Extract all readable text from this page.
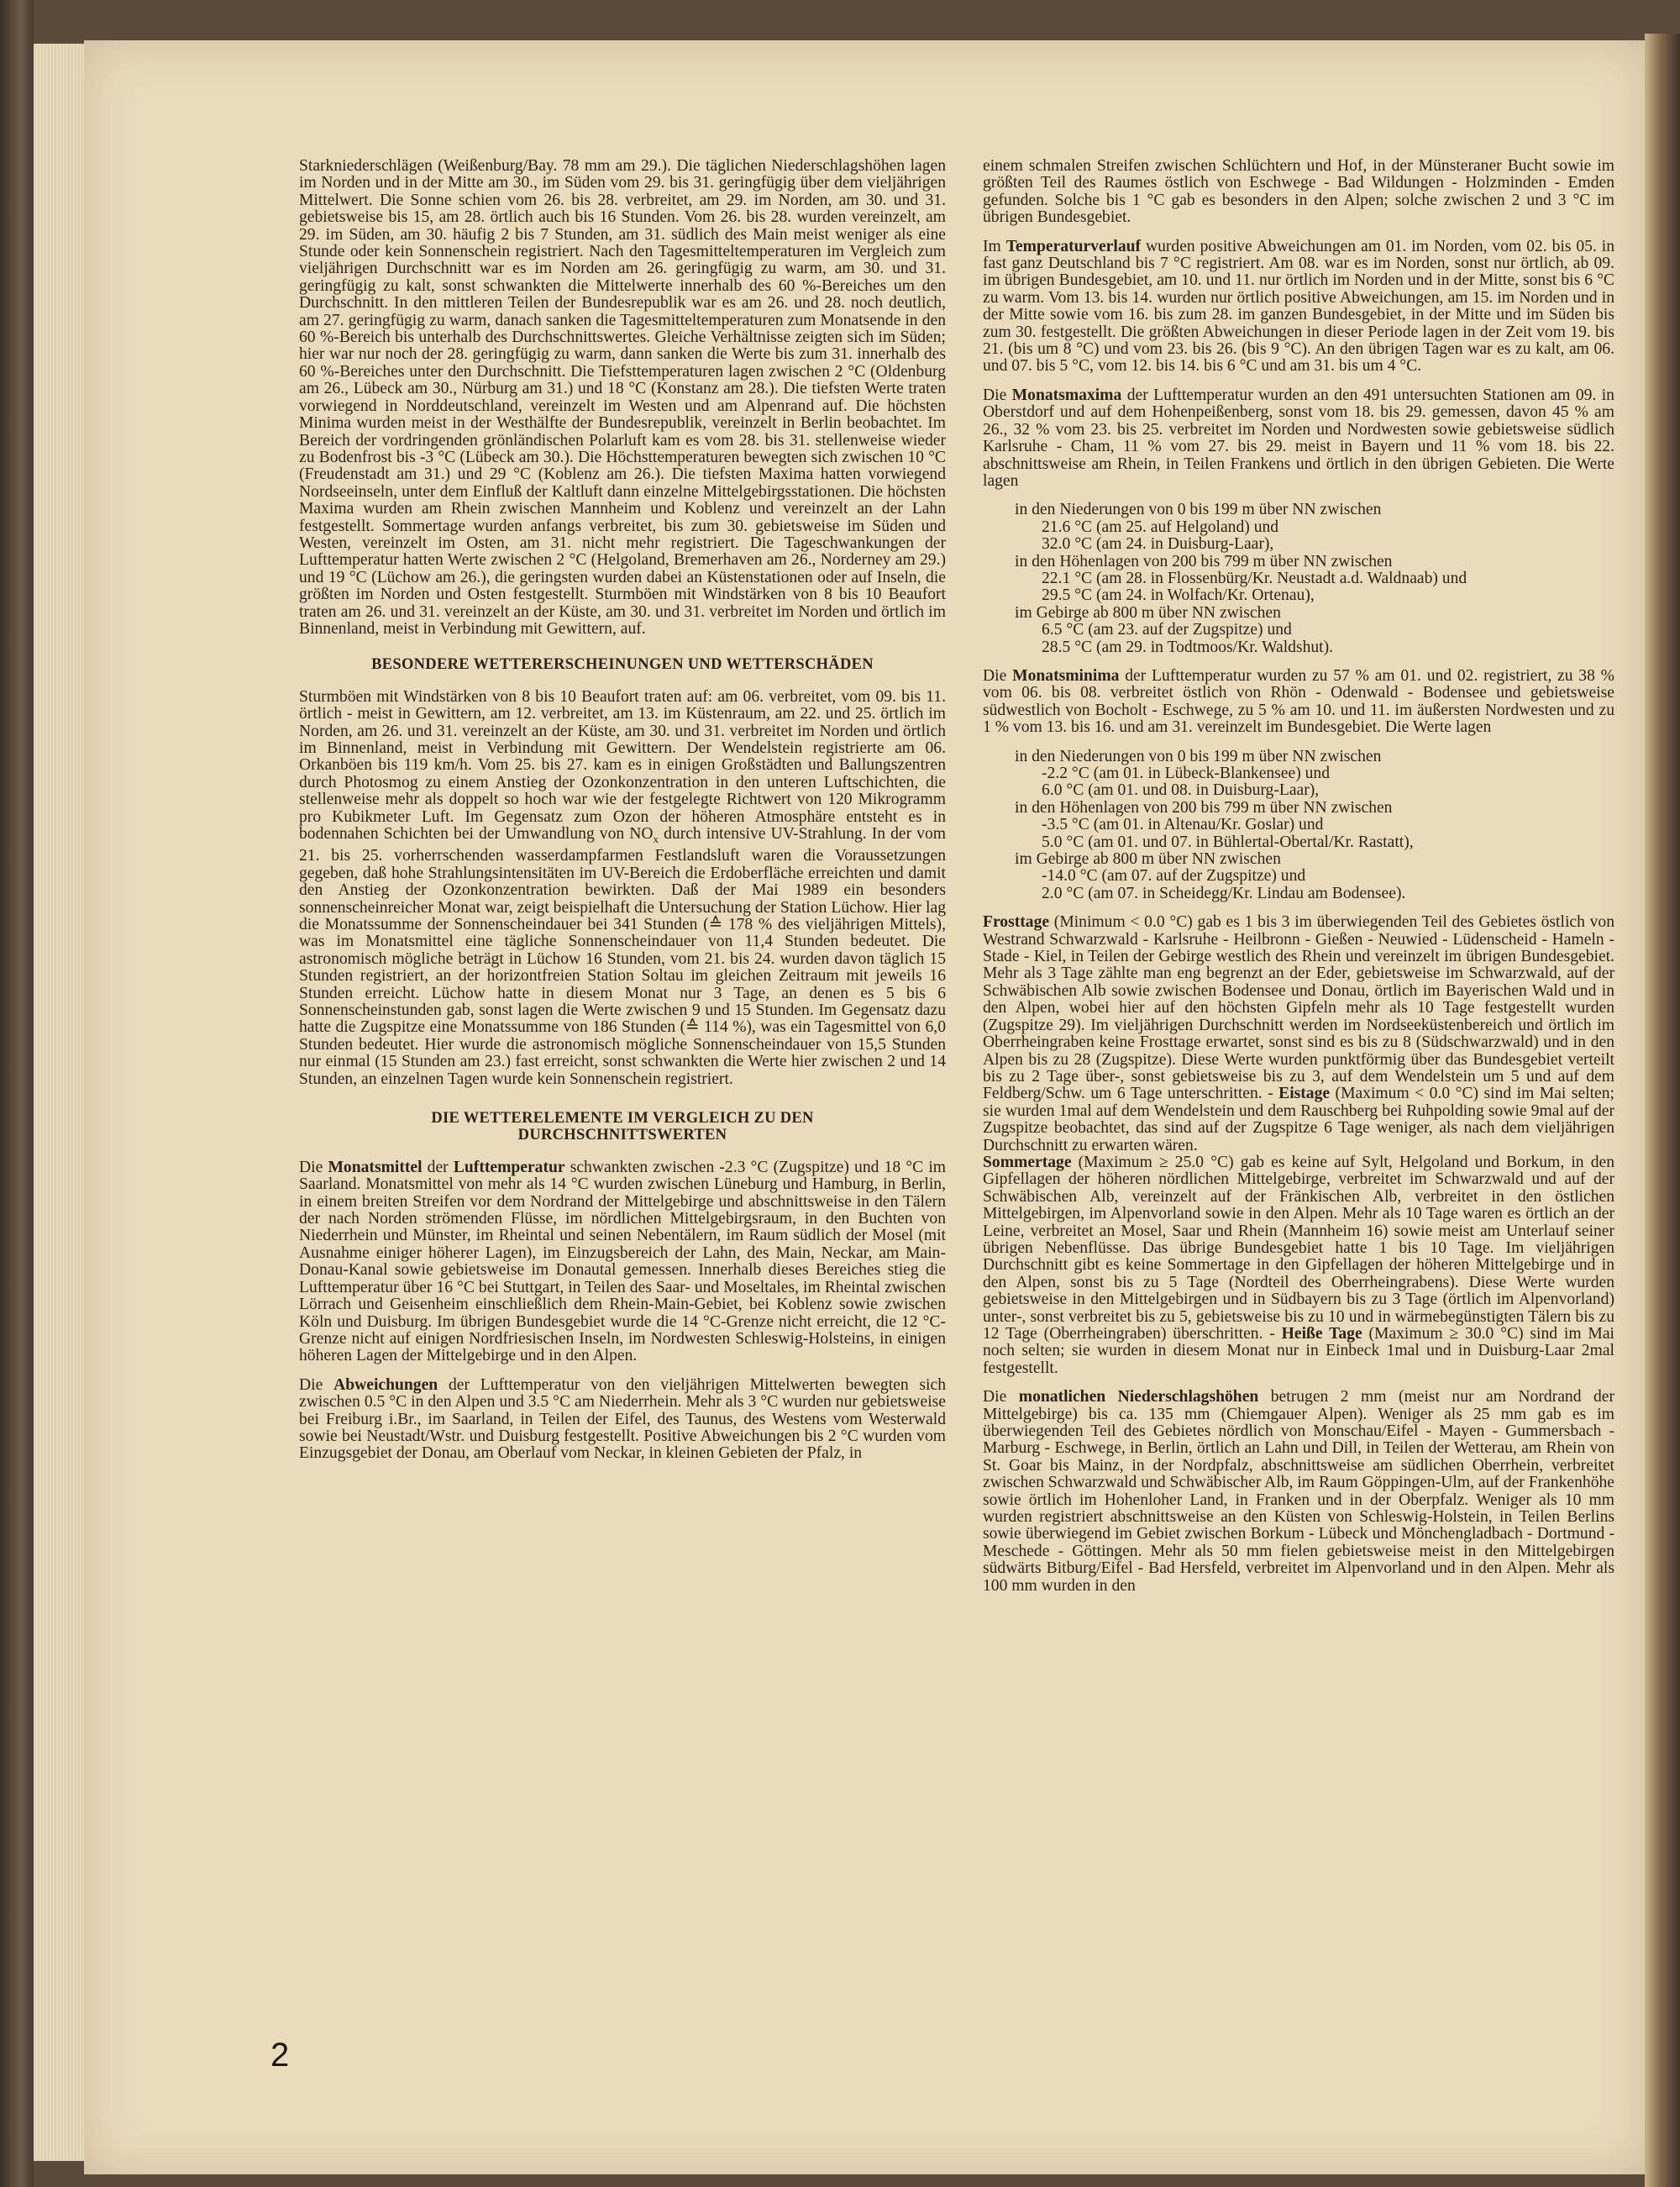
Starkniederschlägen (Weißenburg/Bay. 78 mm am 29.). Die täglichen Niederschlagshöhen lagen im Norden und in der Mitte am 30., im Süden vom 29. bis 31. geringfügig über dem vieljährigen Mittelwert. Die Sonne schien vom 26. bis 28. verbreitet, am 29. im Norden, am 30. und 31. gebietsweise bis 15, am 28. örtlich auch bis 16 Stunden. Vom 26. bis 28. wurden vereinzelt, am 29. im Süden, am 30. häufig 2 bis 7 Stunden, am 31. südlich des Main meist weniger als eine Stunde oder kein Sonnenschein registriert. Nach den Tagesmitteltemperaturen im Vergleich zum vieljährigen Durchschnitt war es im Norden am 26. geringfügig zu warm, am 30. und 31. geringfügig zu kalt, sonst schwankten die Mittelwerte innerhalb des 60 %-Bereiches um den Durchschnitt. In den mittleren Teilen der Bundesrepublik war es am 26. und 28. noch deutlich, am 27. geringfügig zu warm, danach sanken die Tagesmitteltemperaturen zum Monatsende in den 60 %-Bereich bis unterhalb des Durchschnittswertes. Gleiche Verhältnisse zeigten sich im Süden; hier war nur noch der 28. geringfügig zu warm, dann sanken die Werte bis zum 31. innerhalb des 60 %-Bereiches unter den Durchschnitt. Die Tiefsttemperaturen lagen zwischen 2 °C (Oldenburg am 26., Lübeck am 30., Nürburg am 31.) und 18 °C (Konstanz am 28.). Die tiefsten Werte traten vorwiegend in Norddeutschland, vereinzelt im Westen und am Alpenrand auf. Die höchsten Minima wurden meist in der Westhälfte der Bundesrepublik, vereinzelt in Berlin beobachtet. Im Bereich der vordringenden grönländischen Polarluft kam es vom 28. bis 31. stellenweise wieder zu Bodenfrost bis -3 °C (Lübeck am 30.). Die Höchsttemperaturen bewegten sich zwischen 10 °C (Freudenstadt am 31.) und 29 °C (Koblenz am 26.). Die tiefsten Maxima hatten vorwiegend Nordseeinseln, unter dem Einfluß der Kaltluft dann einzelne Mittelgebirgsstationen. Die höchsten Maxima wurden am Rhein zwischen Mannheim und Koblenz und vereinzelt an der Lahn festgestellt. Sommertage wurden anfangs verbreitet, bis zum 30. gebietsweise im Süden und Westen, vereinzelt im Osten, am 31. nicht mehr registriert. Die Tageschwankungen der Lufttemperatur hatten Werte zwischen 2 °C (Helgoland, Bremerhaven am 26., Norderney am 29.) und 19 °C (Lüchow am 26.), die geringsten wurden dabei an Küstenstationen oder auf Inseln, die größten im Norden und Osten festgestellt. Sturmböen mit Windstärken von 8 bis 10 Beaufort traten am 26. und 31. vereinzelt an der Küste, am 30. und 31. verbreitet im Norden und örtlich im Binnenland, meist in Verbindung mit Gewittern, auf.

BESONDERE WETTERERSCHEINUNGEN UND WETTERSCHÄDEN

Sturmböen mit Windstärken von 8 bis 10 Beaufort traten auf: am 06. verbreitet, vom 09. bis 11. örtlich - meist in Gewittern, am 12. verbreitet, am 13. im Küstenraum, am 22. und 25. örtlich im Norden, am 26. und 31. vereinzelt an der Küste, am 30. und 31. verbreitet im Norden und örtlich im Binnenland, meist in Verbindung mit Gewittern. Der Wendelstein registrierte am 06. Orkanböen bis 119 km/h. Vom 25. bis 27. kam es in einigen Großstädten und Ballungszentren durch Photosmog zu einem Anstieg der Ozonkonzentration in den unteren Luftschichten, die stellenweise mehr als doppelt so hoch war wie der festgelegte Richtwert von 120 Mikrogramm pro Kubikmeter Luft. Im Gegensatz zum Ozon der höheren Atmosphäre entsteht es in bodennahen Schichten bei der Umwandlung von $NO_x$ durch intensive UV-Strahlung. In der vom 21. bis 25. vorherrschenden wasserdampfarmen Festlandsluft waren die Voraussetzungen gegeben, daß hohe Strahlungsintensitäten im UV-Bereich die Erdoberfläche erreichten und damit den Anstieg der Ozonkonzentration bewirkten. Daß der Mai 1989 ein besonders sonnenscheinreicher Monat war, zeigt beispielhaft die Untersuchung der Station Lüchow. Hier lag die Monatssumme der Sonnenscheindauer bei 341 Stunden (≙ 178 % des vieljährigen Mittels), was im Monatsmittel eine tägliche Sonnenscheindauer von 11,4 Stunden bedeutet. Die astronomisch mögliche beträgt in Lüchow 16 Stunden, vom 21. bis 24. wurden davon täglich 15 Stunden registriert, an der horizontfreien Station Soltau im gleichen Zeitraum mit jeweils 16 Stunden erreicht. Lüchow hatte in diesem Monat nur 3 Tage, an denen es 5 bis 6 Sonnenscheinstunden gab, sonst lagen die Werte zwischen 9 und 15 Stunden. Im Gegensatz dazu hatte die Zugspitze eine Monatssumme von 186 Stunden (≙ 114 %), was ein Tagesmittel von 6,0 Stunden bedeutet. Hier wurde die astronomisch mögliche Sonnenscheindauer von 15,5 Stunden nur einmal (15 Stunden am 23.) fast erreicht, sonst schwankten die Werte hier zwischen 2 und 14 Stunden, an einzelnen Tagen wurde kein Sonnenschein registriert.

DIE WETTERELEMENTE IM VERGLEICH ZU DEN
DURCHSCHNITTSWERTEN

Die Monatsmittel der Lufttemperatur schwankten zwischen -2.3 °C (Zugspitze) und 18 °C im Saarland. Monatsmittel von mehr als 14 °C wurden zwischen Lüneburg und Hamburg, in Berlin, in einem breiten Streifen vor dem Nordrand der Mittelgebirge und abschnittsweise in den Tälern der nach Norden strömenden Flüsse, im nördlichen Mittelgebirgsraum, in den Buchten von Niederrhein und Münster, im Rheintal und seinen Nebentälern, im Raum südlich der Mosel (mit Ausnahme einiger höherer Lagen), im Einzugsbereich der Lahn, des Main, Neckar, am Main-Donau-Kanal sowie gebietsweise im Donautal gemessen. Innerhalb dieses Bereiches stieg die Lufttemperatur über 16 °C bei Stuttgart, in Teilen des Saar- und Moseltales, im Rheintal zwischen Lörrach und Geisenheim einschließlich dem Rhein-Main-Gebiet, bei Koblenz sowie zwischen Köln und Duisburg. Im übrigen Bundesgebiet wurde die 14 °C-Grenze nicht erreicht, die 12 °C-Grenze nicht auf einigen Nordfriesischen Inseln, im Nordwesten Schleswig-Holsteins, in einigen höheren Lagen der Mittelgebirge und in den Alpen.

Die Abweichungen der Lufttemperatur von den vieljährigen Mittelwerten bewegten sich zwischen 0.5 °C in den Alpen und 3.5 °C am Niederrhein. Mehr als 3 °C wurden nur gebietsweise bei Freiburg i.Br., im Saarland, in Teilen der Eifel, des Taunus, des Westens vom Westerwald sowie bei Neustadt/Wstr. und Duisburg festgestellt. Positive Abweichungen bis 2 °C wurden vom Einzugsgebiet der Donau, am Oberlauf vom Neckar, in kleinen Gebieten der Pfalz, in

einem schmalen Streifen zwischen Schlüchtern und Hof, in der Münsteraner Bucht sowie im größten Teil des Raumes östlich von Eschwege - Bad Wildungen - Holzminden - Emden gefunden. Solche bis 1 °C gab es besonders in den Alpen; solche zwischen 2 und 3 °C im übrigen Bundesgebiet.

Im Temperaturverlauf wurden positive Abweichungen am 01. im Norden, vom 02. bis 05. in fast ganz Deutschland bis 7 °C registriert. Am 08. war es im Norden, sonst nur örtlich, ab 09. im übrigen Bundesgebiet, am 10. und 11. nur örtlich im Norden und in der Mitte, sonst bis 6 °C zu warm. Vom 13. bis 14. wurden nur örtlich positive Abweichungen, am 15. im Norden und in der Mitte sowie vom 16. bis zum 28. im ganzen Bundesgebiet, in der Mitte und im Süden bis zum 30. festgestellt. Die größten Abweichungen in dieser Periode lagen in der Zeit vom 19. bis 21. (bis um 8 °C) und vom 23. bis 26. (bis 9 °C). An den übrigen Tagen war es zu kalt, am 06. und 07. bis 5 °C, vom 12. bis 14. bis 6 °C und am 31. bis um 4 °C.

Die Monatsmaxima der Lufttemperatur wurden an den 491 untersuchten Stationen am 09. in Oberstdorf und auf dem Hohenpeißenberg, sonst vom 18. bis 29. gemessen, davon 45 % am 26., 32 % vom 23. bis 25. verbreitet im Norden und Nordwesten sowie gebietsweise südlich Karlsruhe - Cham, 11 % vom 27. bis 29. meist in Bayern und 11 % vom 18. bis 22. abschnittsweise am Rhein, in Teilen Frankens und örtlich in den übrigen Gebieten. Die Werte lagen

in den Niederungen von 0 bis 199 m über NN zwischen
21.6 °C (am 25. auf Helgoland) und
32.0 °C (am 24. in Duisburg-Laar),
in den Höhenlagen von 200 bis 799 m über NN zwischen
22.1 °C (am 28. in Flossenbürg/Kr. Neustadt a.d. Waldnaab) und
29.5 °C (am 24. in Wolfach/Kr. Ortenau),
im Gebirge ab 800 m über NN zwischen
6.5 °C (am 23. auf der Zugspitze) und
28.5 °C (am 29. in Todtmoos/Kr. Waldshut).

Die Monatsminima der Lufttemperatur wurden zu 57 % am 01. und 02. registriert, zu 38 % vom 06. bis 08. verbreitet östlich von Rhön - Odenwald - Bodensee und gebietsweise südwestlich von Bocholt - Eschwege, zu 5 % am 10. und 11. im äußersten Nordwesten und zu 1 % vom 13. bis 16. und am 31. vereinzelt im Bundesgebiet. Die Werte lagen

in den Niederungen von 0 bis 199 m über NN zwischen
-2.2 °C (am 01. in Lübeck-Blankensee) und
6.0 °C (am 01. und 08. in Duisburg-Laar),
in den Höhenlagen von 200 bis 799 m über NN zwischen
-3.5 °C (am 01. in Altenau/Kr. Goslar) und
5.0 °C (am 01. und 07. in Bühlertal-Obertal/Kr. Rastatt),
im Gebirge ab 800 m über NN zwischen
-14.0 °C (am 07. auf der Zugspitze) und
2.0 °C (am 07. in Scheidegg/Kr. Lindau am Bodensee).

Frosttage (Minimum < 0.0 °C) gab es 1 bis 3 im überwiegenden Teil des Gebietes östlich von Westrand Schwarzwald - Karlsruhe - Heilbronn - Gießen - Neuwied - Lüdenscheid - Hameln - Stade - Kiel, in Teilen der Gebirge westlich des Rhein und vereinzelt im übrigen Bundesgebiet. Mehr als 3 Tage zählte man eng begrenzt an der Eder, gebietsweise im Schwarzwald, auf der Schwäbischen Alb sowie zwischen Bodensee und Donau, örtlich im Bayerischen Wald und in den Alpen, wobei hier auf den höchsten Gipfeln mehr als 10 Tage festgestellt wurden (Zugspitze 29). Im vieljährigen Durchschnitt werden im Nordseeküstenbereich und örtlich im Oberrheingraben keine Frosttage erwartet, sonst sind es bis zu 8 (Südschwarzwald) und in den Alpen bis zu 28 (Zugspitze). Diese Werte wurden punktförmig über das Bundesgebiet verteilt bis zu 2 Tage über-, sonst gebietsweise bis zu 3, auf dem Wendelstein um 5 und auf dem Feldberg/Schw. um 6 Tage unterschritten. - Eistage (Maximum < 0.0 °C) sind im Mai selten; sie wurden 1mal auf dem Wendelstein und dem Rauschberg bei Ruhpolding sowie 9mal auf der Zugspitze beobachtet, das sind auf der Zugspitze 6 Tage weniger, als nach dem vieljährigen Durchschnitt zu erwarten wären.

Sommertage (Maximum ≥ 25.0 °C) gab es keine auf Sylt, Helgoland und Borkum, in den Gipfellagen der höheren nördlichen Mittelgebirge, verbreitet im Schwarzwald und auf der Schwäbischen Alb, vereinzelt auf der Fränkischen Alb, verbreitet in den östlichen Mittelgebirgen, im Alpenvorland sowie in den Alpen. Mehr als 10 Tage waren es örtlich an der Leine, verbreitet an Mosel, Saar und Rhein (Mannheim 16) sowie meist am Unterlauf seiner übrigen Nebenflüsse. Das übrige Bundesgebiet hatte 1 bis 10 Tage. Im vieljährigen Durchschnitt gibt es keine Sommertage in den Gipfellagen der höheren Mittelgebirge und in den Alpen, sonst bis zu 5 Tage (Nordteil des Oberrheingrabens). Diese Werte wurden gebietsweise in den Mittelgebirgen und in Südbayern bis zu 3 Tage (örtlich im Alpenvorland) unter-, sonst verbreitet bis zu 5, gebietsweise bis zu 10 und in wärmebegünstigten Tälern bis zu 12 Tage (Oberrheingraben) überschritten. - Heiße Tage (Maximum ≥ 30.0 °C) sind im Mai noch selten; sie wurden in diesem Monat nur in Einbeck 1mal und in Duisburg-Laar 2mal festgestellt.

Die monatlichen Niederschlagshöhen betrugen 2 mm (meist nur am Nordrand der Mittelgebirge) bis ca. 135 mm (Chiemgauer Alpen). Weniger als 25 mm gab es im überwiegenden Teil des Gebietes nördlich von Monschau/Eifel - Mayen - Gummersbach - Marburg - Eschwege, in Berlin, örtlich an Lahn und Dill, in Teilen der Wetterau, am Rhein von St. Goar bis Mainz, in der Nordpfalz, abschnittsweise am südlichen Oberrhein, verbreitet zwischen Schwarzwald und Schwäbischer Alb, im Raum Göppingen-Ulm, auf der Frankenhöhe sowie örtlich im Hohenloher Land, in Franken und in der Oberpfalz. Weniger als 10 mm wurden registriert abschnittsweise an den Küsten von Schleswig-Holstein, in Teilen Berlins sowie überwiegend im Gebiet zwischen Borkum - Lübeck und Mönchengladbach - Dortmund - Meschede - Göttingen. Mehr als 50 mm fielen gebietsweise meist in den Mittelgebirgen südwärts Bitburg/Eifel - Bad Hersfeld, verbreitet im Alpenvorland und in den Alpen. Mehr als 100 mm wurden in den

2
